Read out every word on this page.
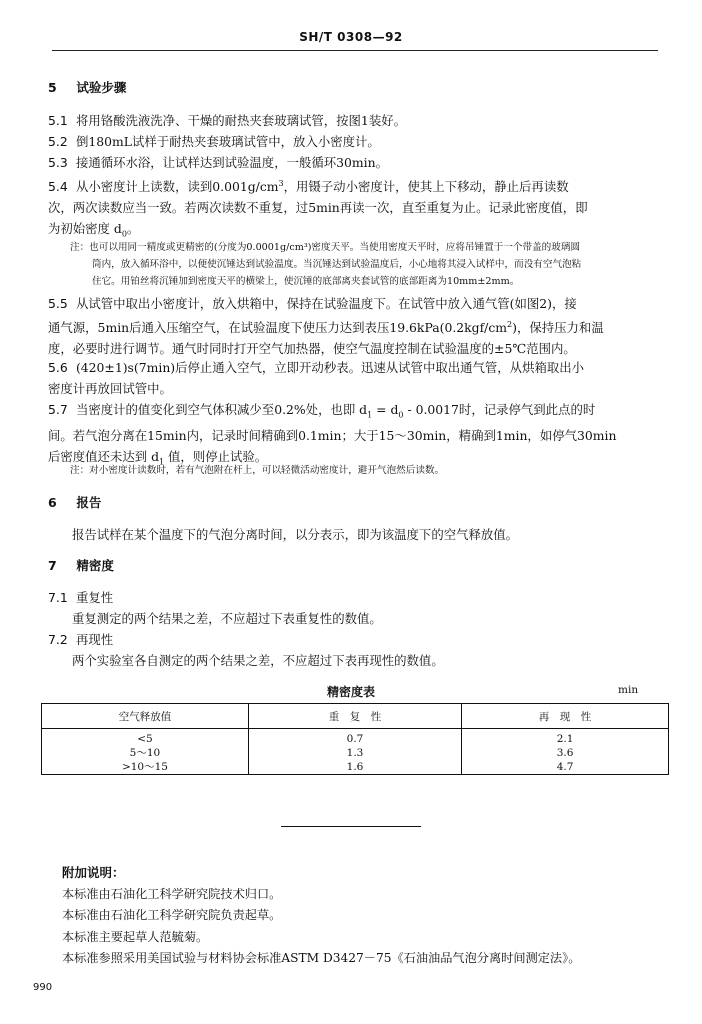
SH/T 0308—92
5 试验步骤
5.1 将用铬酸洗液洗净、干燥的耐热夹套玻璃试管，按图1装好。
5.2 倒180mL试样于耐热夹套玻璃试管中，放入小密度计。
5.3 接通循环水浴，让试样达到试验温度，一般循环30min。
5.4 从小密度计上读数，读到$0.001g/cm^3$，用镊子动小密度计，使其上下移动，静止后再读数
次，两次读数应当一致。若两次读数不重复，过5min再读一次，直至重复为止。记录此密度值，即
为初始密度 $d_0$。
注：也可以用同一精度或更精密的(分度为0.0001g/cm³)密度天平。当使用密度天平时，应将吊锤置于一个带盖的玻璃圆
筒内，放入循环浴中，以便使沉锤达到试验温度。当沉锤达到试验温度后，小心地将其浸入试样中，而没有空气泡粘
住它。用铂丝将沉锤加到密度天平的横梁上，使沉锤的底部离夹套试管的底部距离为10mm±2mm。
5.5 从试管中取出小密度计，放入烘箱中，保持在试验温度下。在试管中放入通气管(如图2)，接
通气源，5min后通入压缩空气，在试验温度下使压力达到表压$19.6kPa(0.2kgf/cm^2)$，保持压力和温
度，必要时进行调节。通气时同时打开空气加热器，使空气温度控制在试验温度的±5℃范围内。
5.6 (420±1)s(7min)后停止通入空气，立即开动秒表。迅速从试管中取出通气管，从烘箱取出小
密度计再放回试管中。
5.7 当密度计的值变化到空气体积减少至0.2%处，也即 $d_1 = d_0 - 0.0017$时，记录停气到此点的时
间。若气泡分离在15min内，记录时间精确到0.1min；大于15～30min，精确到1min，如停气30min
后密度值还未达到 $d_1$ 值，则停止试验。
注：对小密度计读数时，若有气泡附在杆上，可以轻微活动密度计，避开气泡然后读数。
6 报告
报告试样在某个温度下的气泡分离时间，以分表示，即为该温度下的空气释放值。
7 精密度
7.1 重复性
重复测定的两个结果之差，不应超过下表重复性的数值。
7.2 再现性
两个实验室各自测定的两个结果之差，不应超过下表再现性的数值。
精密度表	min
空气释放值	重　复　性	再　现　性
<5	0.7	2.1
5～10	1.3	3.6
>10～15	1.6	4.7
附加说明：
本标准由石油化工科学研究院技术归口。
本标准由石油化工科学研究院负责起草。
本标准主要起草人范毓菊。
本标准参照采用美国试验与材料协会标准ASTM D3427－75《石油油品气泡分离时间测定法》。
990
